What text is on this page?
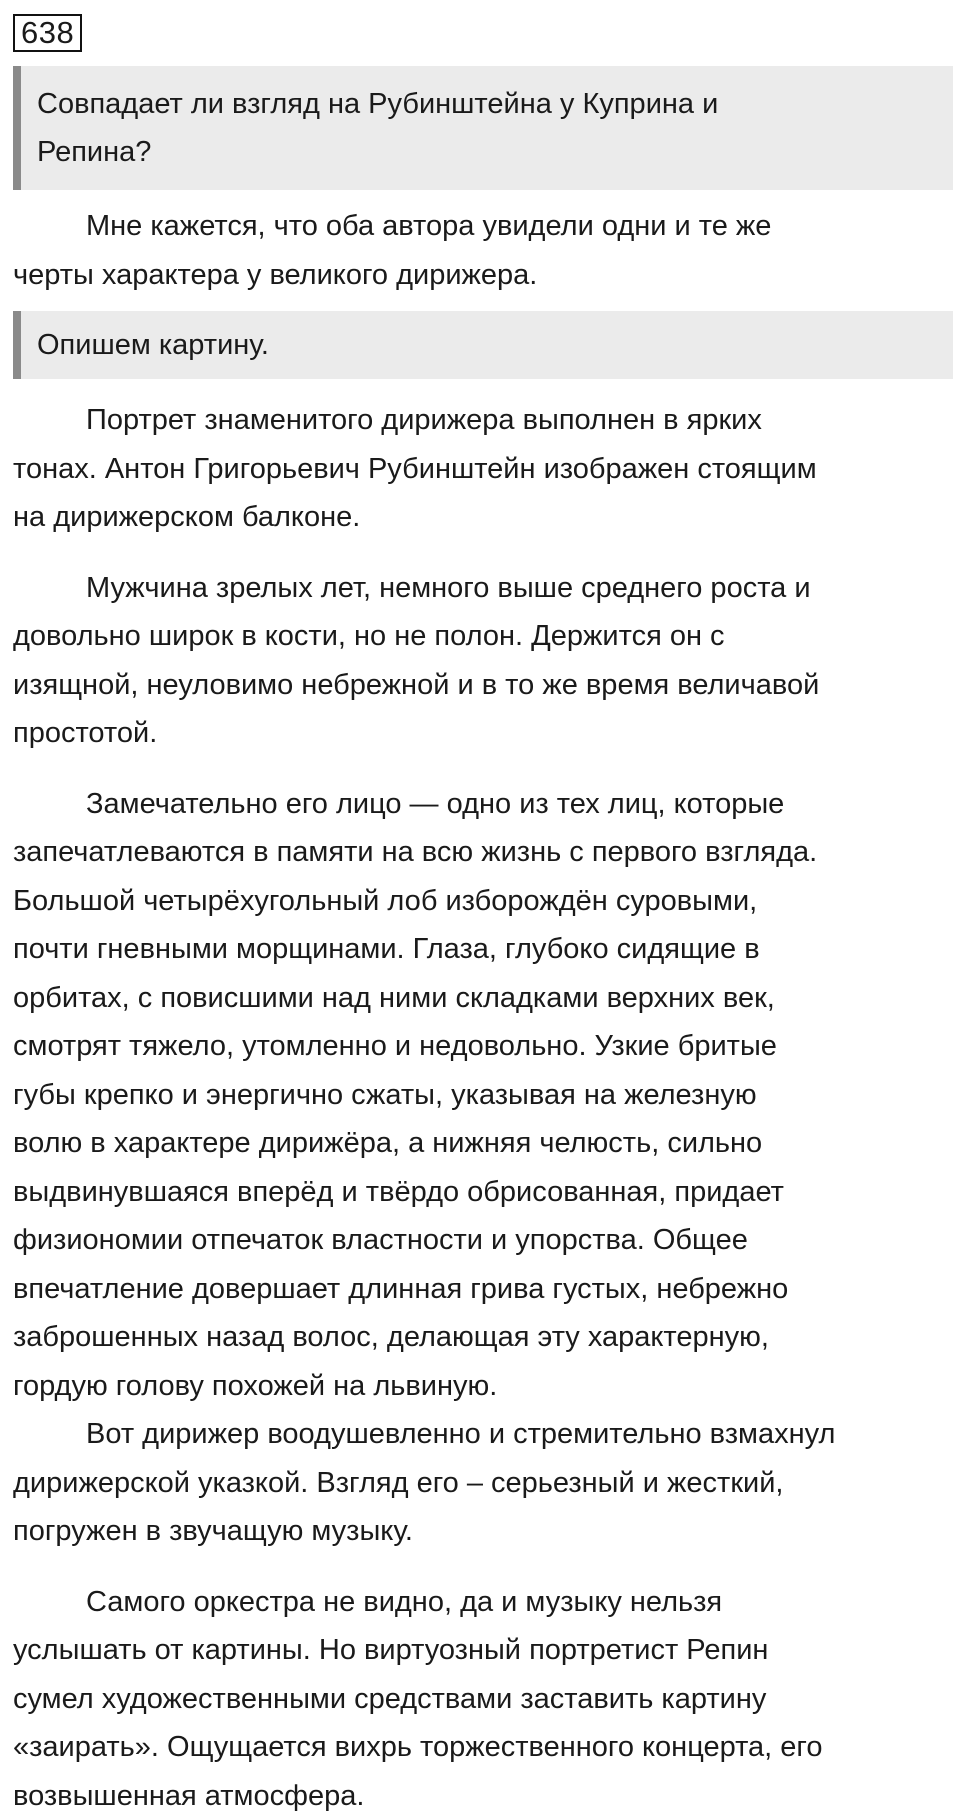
638
Совпадает ли взгляд на Рубинштейна у Куприна и
Репина?
Мне кажется, что оба автора увидели одни и те же
черты характера у великого дирижера.
Опишем картину.
Портрет знаменитого дирижера выполнен в ярких
тонах. Антон Григорьевич Рубинштейн изображен стоящим
на дирижерском балконе.
Мужчина зрелых лет, немного выше среднего роста и
довольно широк в кости, но не полон. Держится он с
изящной, неуловимо небрежной и в то же время величавой
простотой.
Замечательно его лицо — одно из тех лиц, которые
запечатлеваются в памяти на всю жизнь с первого взгляда.
Большой четырёхугольный лоб изборождён суровыми,
почти гневными морщинами. Глаза, глубоко сидящие в
орбитах, с повисшими над ними складками верхних век,
смотрят тяжело, утомленно и недовольно. Узкие бритые
губы крепко и энергично сжаты, указывая на железную
волю в характере дирижёра, а нижняя челюсть, сильно
выдвинувшаяся вперёд и твёрдо обрисованная, придает
физиономии отпечаток властности и упорства. Общее
впечатление довершает длинная грива густых, небрежно
заброшенных назад волос, делающая эту характерную,
гордую голову похожей на львиную.
Вот дирижер воодушевленно и стремительно взмахнул
дирижерской указкой. Взгляд его – серьезный и жесткий,
погружен в звучащую музыку.
Самого оркестра не видно, да и музыку нельзя
услышать от картины. Но виртуозный портретист Репин
сумел художественными средствами заставить картину
«заирать». Ощущается вихрь торжественного концерта, его
возвышенная атмосфера.
